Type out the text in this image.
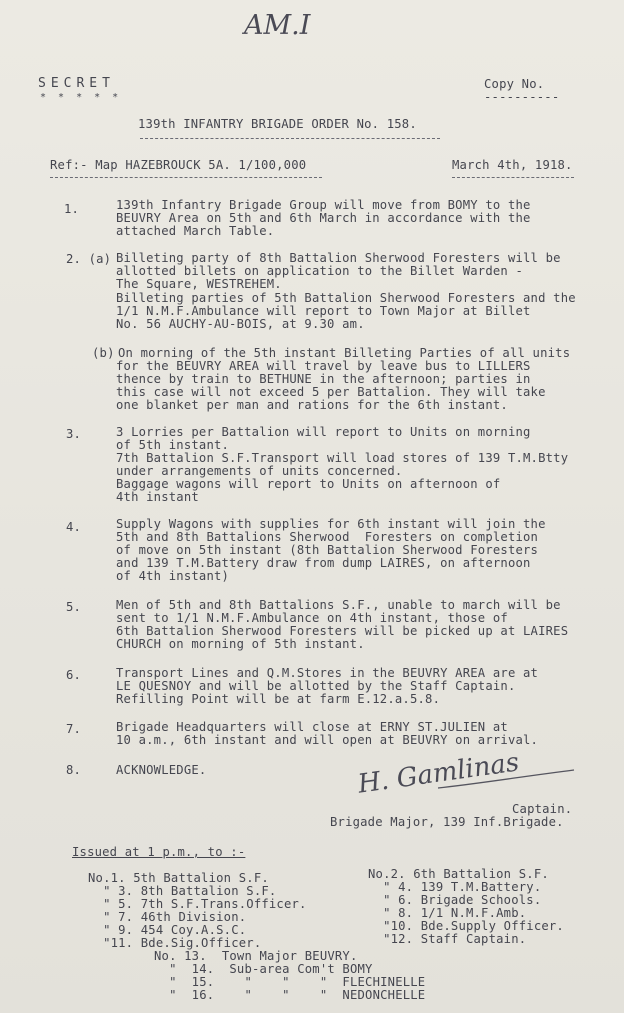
AM.I
SECRET
* * * * *
Copy No.
----------
139th INFANTRY BRIGADE ORDER No. 158.
Ref:- Map HAZEBROUCK 5A. 1/100,000	March 4th, 1918.
1.	139th Infantry Brigade Group will move from BOMY to the
BEUVRY Area on 5th and 6th March in accordance with the
attached March Table.
2. (a) Billeting party of 8th Battalion Sherwood Foresters will be
allotted billets on application to the Billet Warden -
The Square, WESTREHEM.
Billeting parties of 5th Battalion Sherwood Foresters and the
1/1 N.M.F.Ambulance will report to Town Major at Billet
No. 56 AUCHY-AU-BOIS, at 9.30 am.
(b) On morning of the 5th instant Billeting Parties of all units
for the BEUVRY AREA will travel by leave bus to LILLERS
thence by train to BETHUNE in the afternoon; parties in
this case will not exceed 5 per Battalion. They will take
one blanket per man and rations for the 6th instant.
3.	3 Lorries per Battalion will report to Units on morning
of 5th instant.
7th Battalion S.F.Transport will load stores of 139 T.M.Btty
under arrangements of units concerned.
Baggage wagons will report to Units on afternoon of
4th instant
4.	Supply Wagons with supplies for 6th instant will join the
5th and 8th Battalions Sherwood  Foresters on completion
of move on 5th instant (8th Battalion Sherwood Foresters
and 139 T.M.Battery draw from dump LAIRES, on afternoon
of 4th instant)
5.	Men of 5th and 8th Battalions S.F., unable to march will be
sent to 1/1 N.M.F.Ambulance on 4th instant, those of
6th Battalion Sherwood Foresters will be picked up at LAIRES
CHURCH on morning of 5th instant.
6.	Transport Lines and Q.M.Stores in the BEUVRY AREA are at
LE QUESNOY and will be allotted by the Staff Captain.
Refilling Point will be at farm E.12.a.5.8.
7.	Brigade Headquarters will close at ERNY ST.JULIEN at
10 a.m., 6th instant and will open at BEUVRY on arrival.
8.	ACKNOWLEDGE.	H. Gamlinas
Captain.
Brigade Major, 139 Inf.Brigade.
Issued at 1 p.m., to :-
No.1. 5th Battalion S.F.
" 3. 8th Battalion S.F.
" 5. 7th S.F.Trans.Officer.
" 7. 46th Division.
" 9. 454 Coy.A.S.C.
"11. Bde.Sig.Officer.
No.2. 6th Battalion S.F.
" 4. 139 T.M.Battery.
" 6. Brigade Schools.
" 8. 1/1 N.M.F.Amb.
"10. Bde.Supply Officer.
"12. Staff Captain.
No. 13.  Town Major BEUVRY.
"  14.  Sub-area Com't BOMY
"  15.    "    "    "  FLECHINELLE
"  16.    "    "    "  NEDONCHELLE
